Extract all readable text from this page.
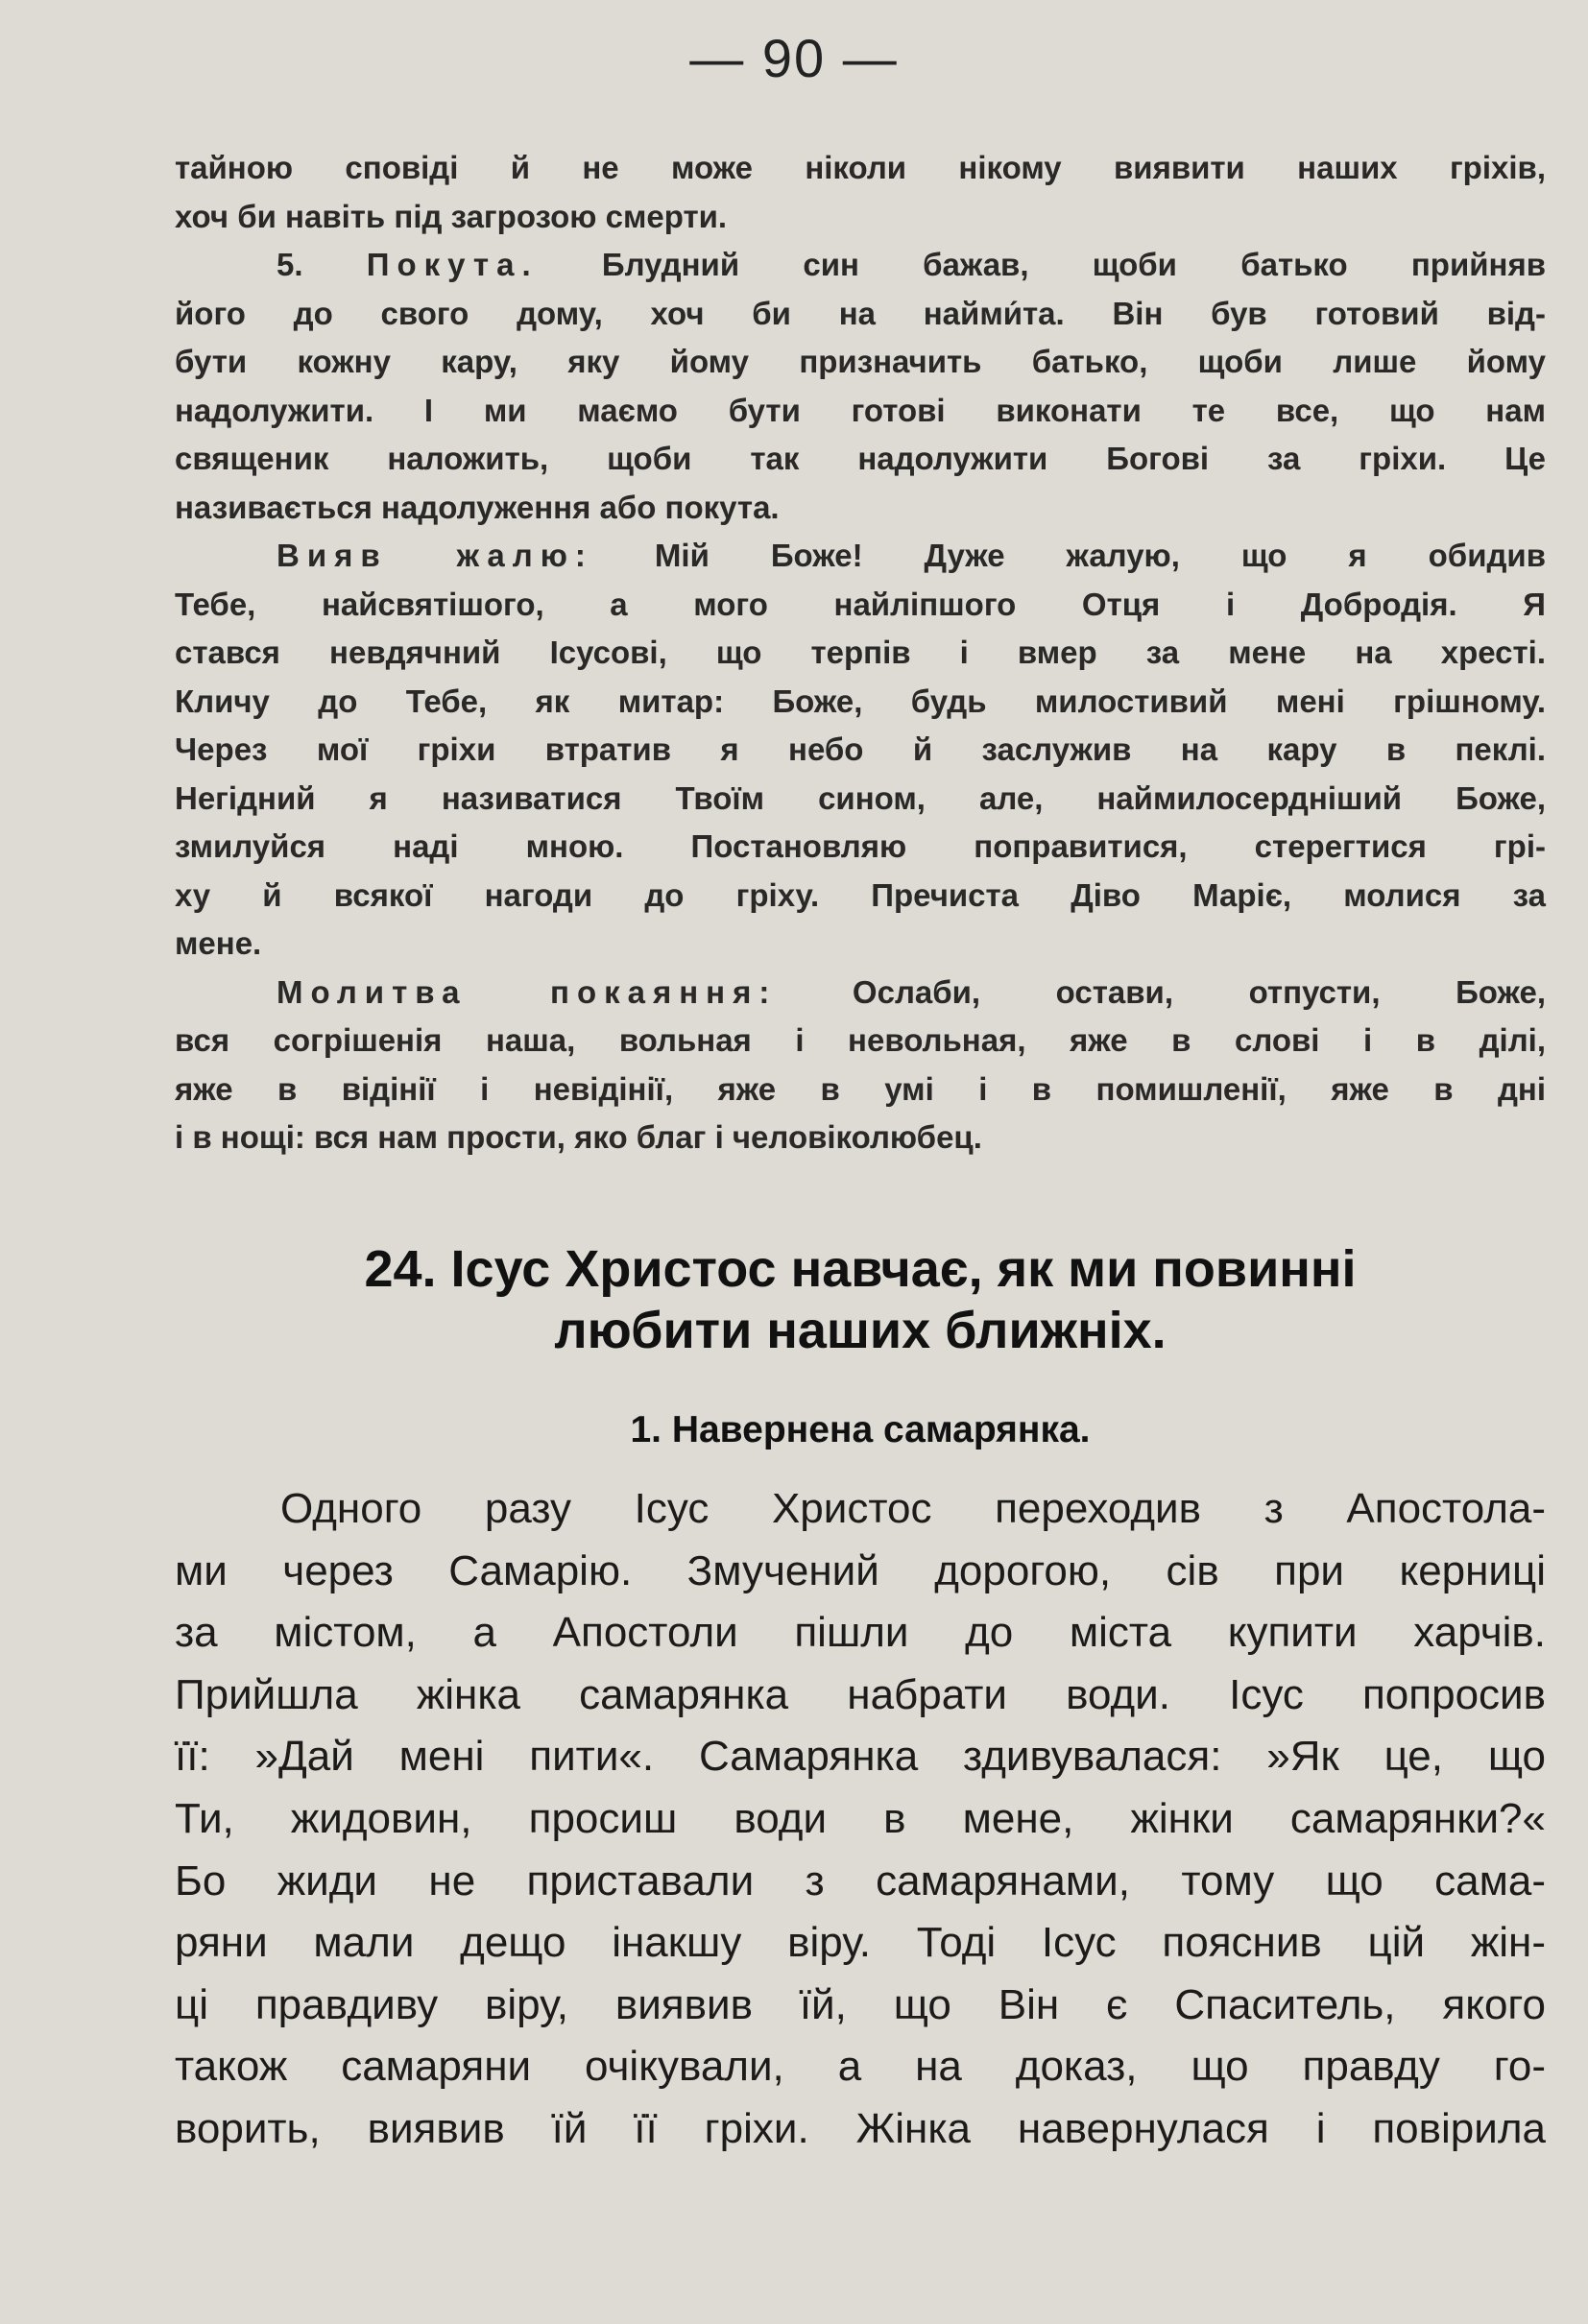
— 90 —

тайною сповіді й не може ніколи нікому виявити наших гріхів,

хоч би навіть під загрозою смерти.

5. Покута. Блудний син бажав, щоби батько прийняв

його до свого дому, хоч би на найми́та. Він був готовий від-

бути кожну кару, яку йому призначить батько, щоби лише йому

надолужити. І ми маємо бути готові виконати те все, що нам

священик наложить, щоби так надолужити Богові за гріхи. Це

називається надолуження або покута.

Вияв жалю: Мій Боже! Дуже жалую, що я обидив

Тебе, найсвятішого, а мого найліпшого Отця і Добродія. Я

стався невдячний Ісусові, що терпів і вмер за мене на хресті.

Кличу до Тебе, як митар: Боже, будь милостивий мені грішному.

Через мої гріхи втратив я небо й заслужив на кару в пеклі.

Негідний я називатися Твоїм сином, але, наймилосердніший Боже,

змилуйся наді мною. Постановляю поправитися, стерегтися грі-

ху й всякої нагоди до гріху. Пречиста Діво Маріє, молися за

мене.

Молитва покаяння: Ослаби, остави, отпусти, Боже,

вся согрішенія наша, вольная і невольная, яже в слові і в ділі,

яже в відінії і невідінії, яже в умі і в помишленії, яже в дні

і в нощі: вся нам прости, яко благ і человіколюбец.

24. Ісус Христос навчає, як ми повинні
любити наших ближніх.
1. Навернена самарянка.

Одного разу Ісус Христос переходив з Апостола-
ми через Самарію. Змучений дорогою, сів при керниці
за містом, а Апостоли пішли до міста купити харчів.
Прийшла жінка самарянка набрати води. Ісус попросив
її: »Дай мені пити«. Самарянка здивувалася: »Як це, що
Ти, жидовин, просиш води в мене, жінки самарянки?«
Бо жиди не приставали з самарянами, тому що сама-
ряни мали дещо інакшу віру. Тоді Ісус пояснив цій жін-
ці правдиву віру, виявив їй, що Він є Спаситель, якого
також самаряни очікували, а на доказ, що правду го-
ворить, виявив їй її гріхи. Жінка навернулася і повірила
